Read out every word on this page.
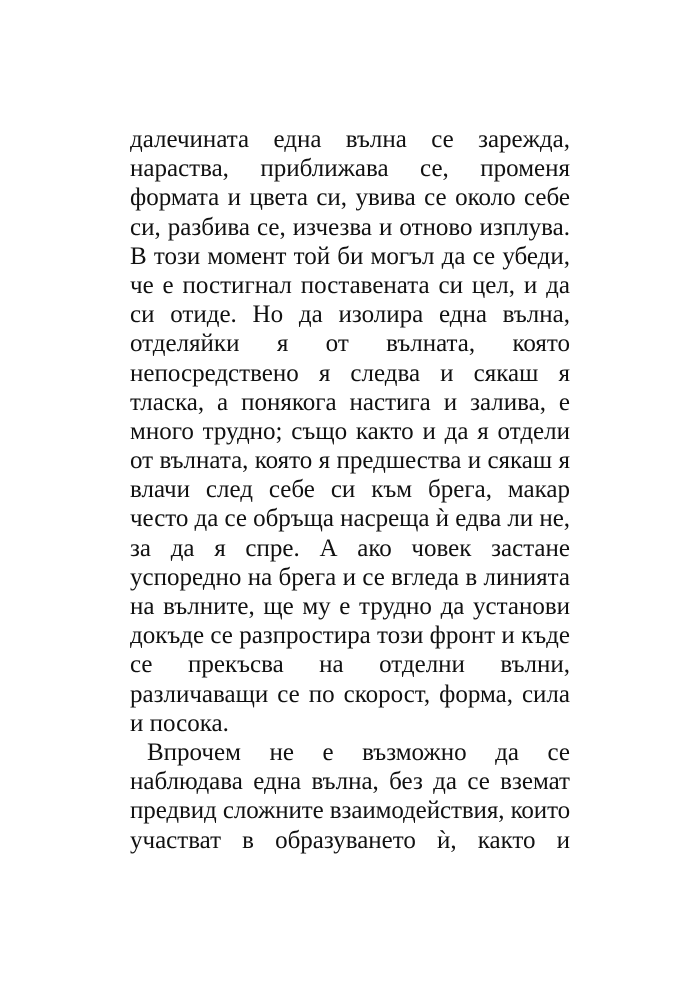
далечината една вълна се зарежда,
нараства, приближава се, променя
формата и цвета си, увива се около себе
си, разбива се, изчезва и отново изплува.
В този момент той би могъл да се убеди,
че е постигнал поставената си цел, и да
си отиде. Но да изолира една вълна,
отделяйки я от вълната, която
непосредствено я следва и сякаш я
тласка, а понякога настига и залива, е
много трудно; също както и да я отдели
от вълната, която я предшества и сякаш я
влачи след себе си към брега, макар
често да се обръща насреща ѝ едва ли не,
за да я спре. А ако човек застане
успоредно на брега и се вгледа в линията
на вълните, ще му е трудно да установи
докъде се разпростира този фронт и къде
се прекъсва на отделни вълни,
различаващи се по скорост, форма, сила
и посока.
Впрочем не е възможно да се
наблюдава една вълна, без да се вземат
предвид сложните взаимодействия, които
участват в образуването ѝ, както и
